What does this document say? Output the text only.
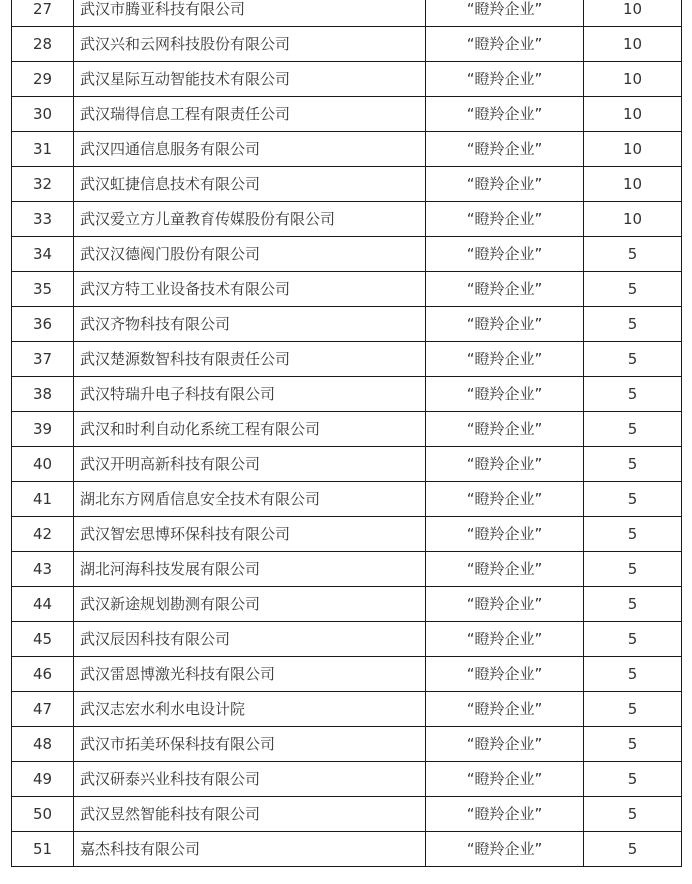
27	武汉市腾亚科技有限公司	“瞪羚企业”	10
28	武汉兴和云网科技股份有限公司	“瞪羚企业”	10
29	武汉星际互动智能技术有限公司	“瞪羚企业”	10
30	武汉瑞得信息工程有限责任公司	“瞪羚企业”	10
31	武汉四通信息服务有限公司	“瞪羚企业”	10
32	武汉虹捷信息技术有限公司	“瞪羚企业”	10
33	武汉爱立方儿童教育传媒股份有限公司	“瞪羚企业”	10
34	武汉汉德阀门股份有限公司	“瞪羚企业”	5
35	武汉方特工业设备技术有限公司	“瞪羚企业”	5
36	武汉齐物科技有限公司	“瞪羚企业”	5
37	武汉楚源数智科技有限责任公司	“瞪羚企业”	5
38	武汉特瑞升电子科技有限公司	“瞪羚企业”	5
39	武汉和时利自动化系统工程有限公司	“瞪羚企业”	5
40	武汉开明高新科技有限公司	“瞪羚企业”	5
41	湖北东方网盾信息安全技术有限公司	“瞪羚企业”	5
42	武汉智宏思博环保科技有限公司	“瞪羚企业”	5
43	湖北河海科技发展有限公司	“瞪羚企业”	5
44	武汉新途规划勘测有限公司	“瞪羚企业”	5
45	武汉辰因科技有限公司	“瞪羚企业”	5
46	武汉雷恩博激光科技有限公司	“瞪羚企业”	5
47	武汉志宏水利水电设计院	“瞪羚企业”	5
48	武汉市拓美环保科技有限公司	“瞪羚企业”	5
49	武汉研泰兴业科技有限公司	“瞪羚企业”	5
50	武汉昱然智能科技有限公司	“瞪羚企业”	5
51	嘉杰科技有限公司	“瞪羚企业”	5
